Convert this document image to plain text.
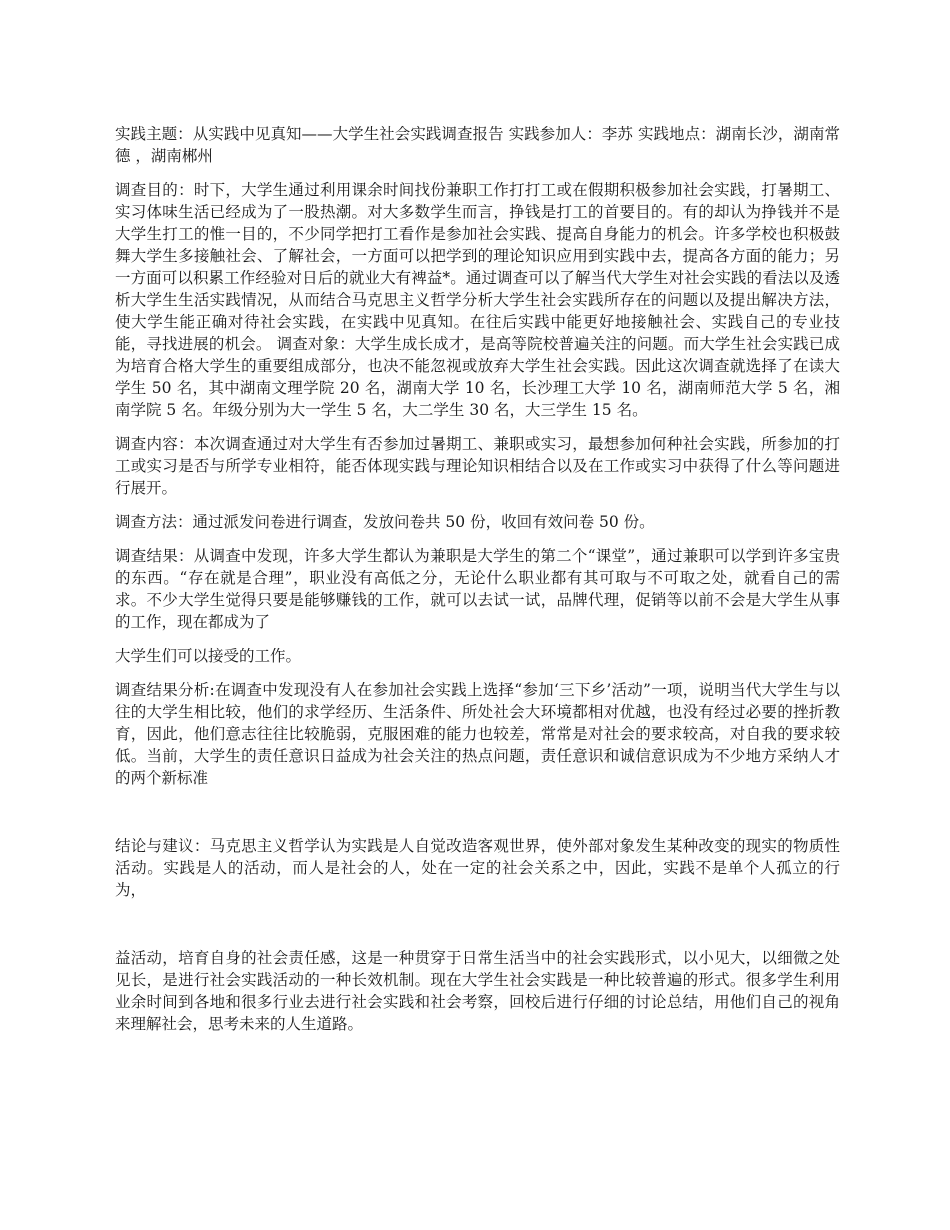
实践主题：从实践中见真知——大学生社会实践调查报告 实践参加人：李苏 实践地点：湖南长沙，湖南常德 ，湖南郴州

调查目的：时下，大学生通过利用课余时间找份兼职工作打打工或在假期积极参加社会实践，打暑期工、实习体味生活已经成为了一股热潮。对大多数学生而言，挣钱是打工的首要目的。有的却认为挣钱并不是大学生打工的惟一目的，不少同学把打工看作是参加社会实践、提高自身能力的机会。许多学校也积极鼓舞大学生多接触社会、了解社会，一方面可以把学到的理论知识应用到实践中去，提高各方面的能力；另一方面可以积累工作经验对日后的就业大有裨益*。通过调查可以了解当代大学生对社会实践的看法以及透析大学生生活实践情况，从而结合马克思主义哲学分析大学生社会实践所存在的问题以及提出解决方法，使大学生能正确对待社会实践，在实践中见真知。在往后实践中能更好地接触社会、实践自己的专业技能，寻找进展的机会。 调查对象：大学生成长成才，是高等院校普遍关注的问题。而大学生社会实践已成为培育合格大学生的重要组成部分，也决不能忽视或放弃大学生社会实践。因此这次调查就选择了在读大学生 50 名，其中湖南文理学院 20 名，湖南大学 10 名，长沙理工大学 10 名，湖南师范大学 5 名，湘南学院 5 名。年级分别为大一学生 5 名，大二学生 30 名，大三学生 15 名。

调查内容：本次调查通过对大学生有否参加过暑期工、兼职或实习，最想参加何种社会实践，所参加的打工或实习是否与所学专业相符，能否体现实践与理论知识相结合以及在工作或实习中获得了什么等问题进行展开。

调查方法：通过派发问卷进行调查，发放问卷共 50 份，收回有效问卷 50 份。

调查结果：从调查中发现，许多大学生都认为兼职是大学生的第二个“课堂”，通过兼职可以学到许多宝贵的东西。“存在就是合理”，职业没有高低之分，无论什么职业都有其可取与不可取之处，就看自己的需求。不少大学生觉得只要是能够赚钱的工作，就可以去试一试，品牌代理，促销等以前不会是大学生从事的工作，现在都成为了

大学生们可以接受的工作。

调查结果分析:在调查中发现没有人在参加社会实践上选择“参加‘三下乡’活动”一项，说明当代大学生与以往的大学生相比较，他们的求学经历、生活条件、所处社会大环境都相对优越，也没有经过必要的挫折教育，因此，他们意志往往比较脆弱，克服困难的能力也较差，常常是对社会的要求较高，对自我的要求较低。当前，大学生的责任意识日益成为社会关注的热点问题，责任意识和诚信意识成为不少地方采纳人才的两个新标准

结论与建议：马克思主义哲学认为实践是人自觉改造客观世界，使外部对象发生某种改变的现实的物质性活动。实践是人的活动，而人是社会的人，处在一定的社会关系之中，因此，实践不是单个人孤立的行为，

益活动，培育自身的社会责任感，这是一种贯穿于日常生活当中的社会实践形式，以小见大，以细微之处见长，是进行社会实践活动的一种长效机制。现在大学生社会实践是一种比较普遍的形式。很多学生利用业余时间到各地和很多行业去进行社会实践和社会考察，回校后进行仔细的讨论总结，用他们自己的视角来理解社会，思考未来的人生道路。
